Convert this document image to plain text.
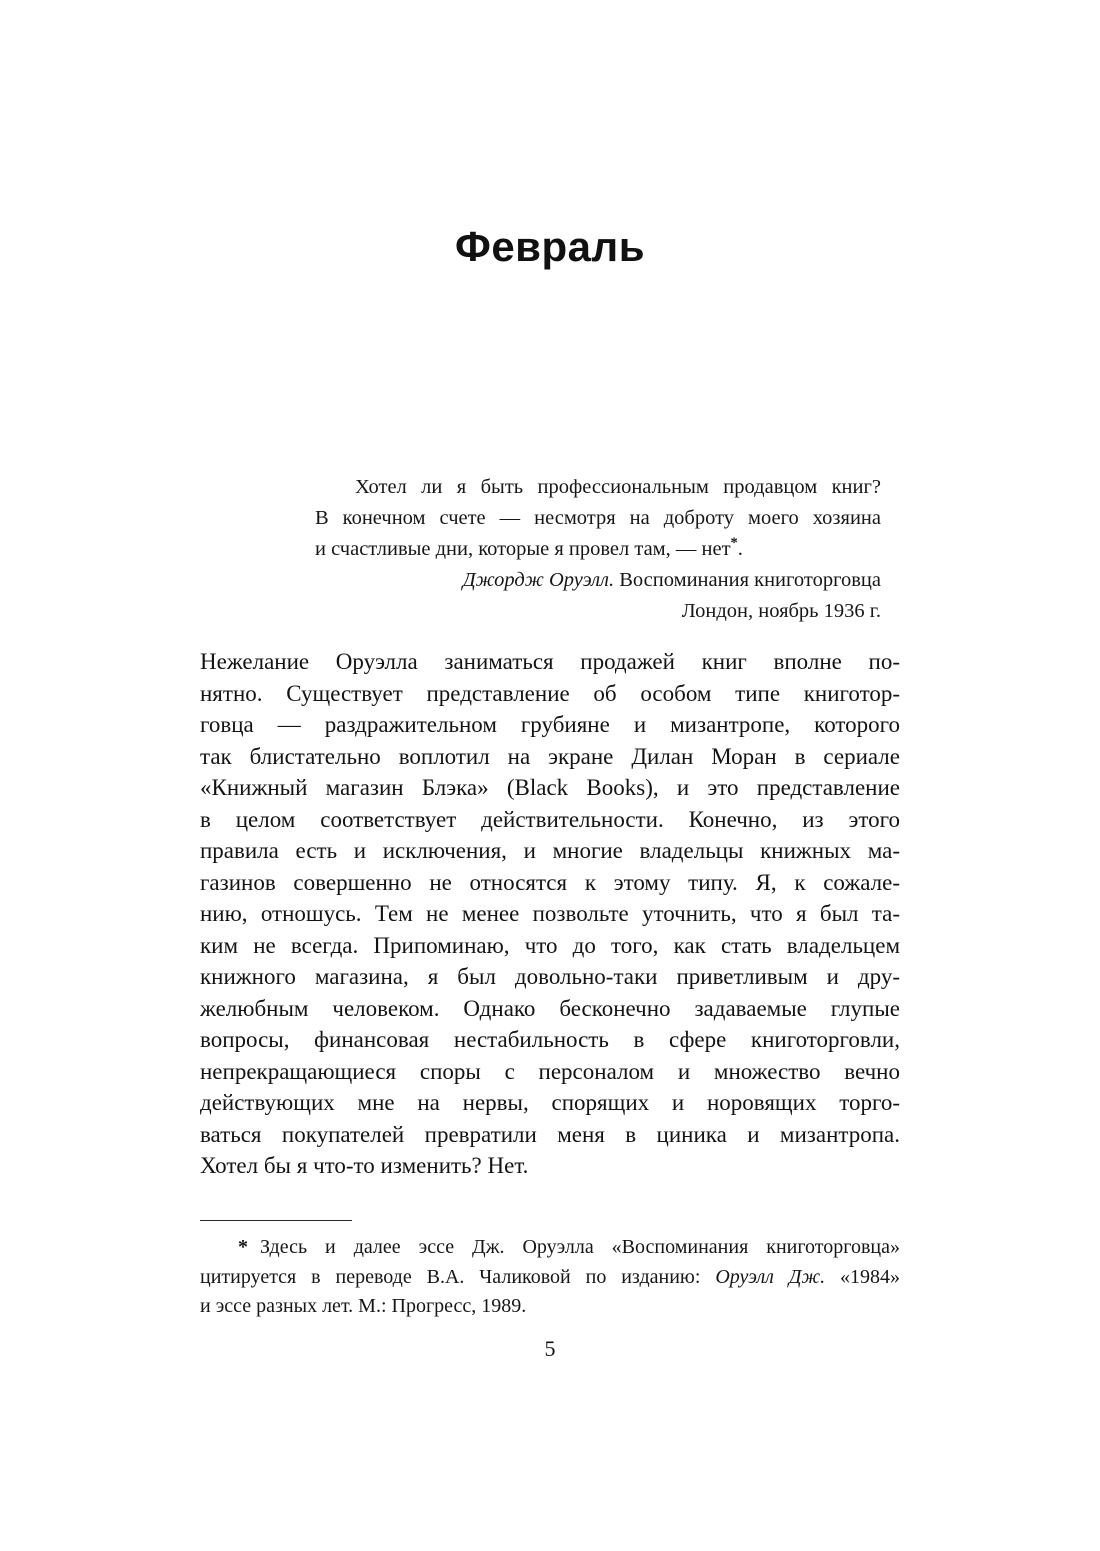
Февраль
Хотел ли я быть профессиональным продавцом книг?
В конечном счете — несмотря на доброту моего хозяина
и счастливые дни, которые я провел там, — нет*.
Джордж Оруэлл. Воспоминания книготорговца
Лондон, ноябрь 1936 г.
Нежелание Оруэлла заниматься продажей книг вполне по-
нятно. Существует представление об особом типе книготор-
говца — раздражительном грубияне и мизантропе, которого
так блистательно воплотил на экране Дилан Моран в сериале
«Книжный магазин Блэка» (Black Books), и это представление
в целом соответствует действительности. Конечно, из этого
правила есть и исключения, и многие владельцы книжных ма-
газинов совершенно не относятся к этому типу. Я, к сожале-
нию, отношусь. Тем не менее позвольте уточнить, что я был та-
ким не всегда. Припоминаю, что до того, как стать владельцем
книжного магазина, я был довольно-таки приветливым и дру-
желюбным человеком. Однако бесконечно задаваемые глупые
вопросы, финансовая нестабильность в сфере книготорговли,
непрекращающиеся споры с персоналом и множество вечно
действующих мне на нервы, спорящих и норовящих торго-
ваться покупателей превратили меня в циника и мизантропа.
Хотел бы я что-то изменить? Нет.
* Здесь и далее эссе Дж. Оруэлла «Воспоминания книготорговца»
цитируется в переводе В.А. Чаликовой по изданию: Оруэлл Дж. «1984»
и эссе разных лет. М.: Прогресс, 1989.
5
